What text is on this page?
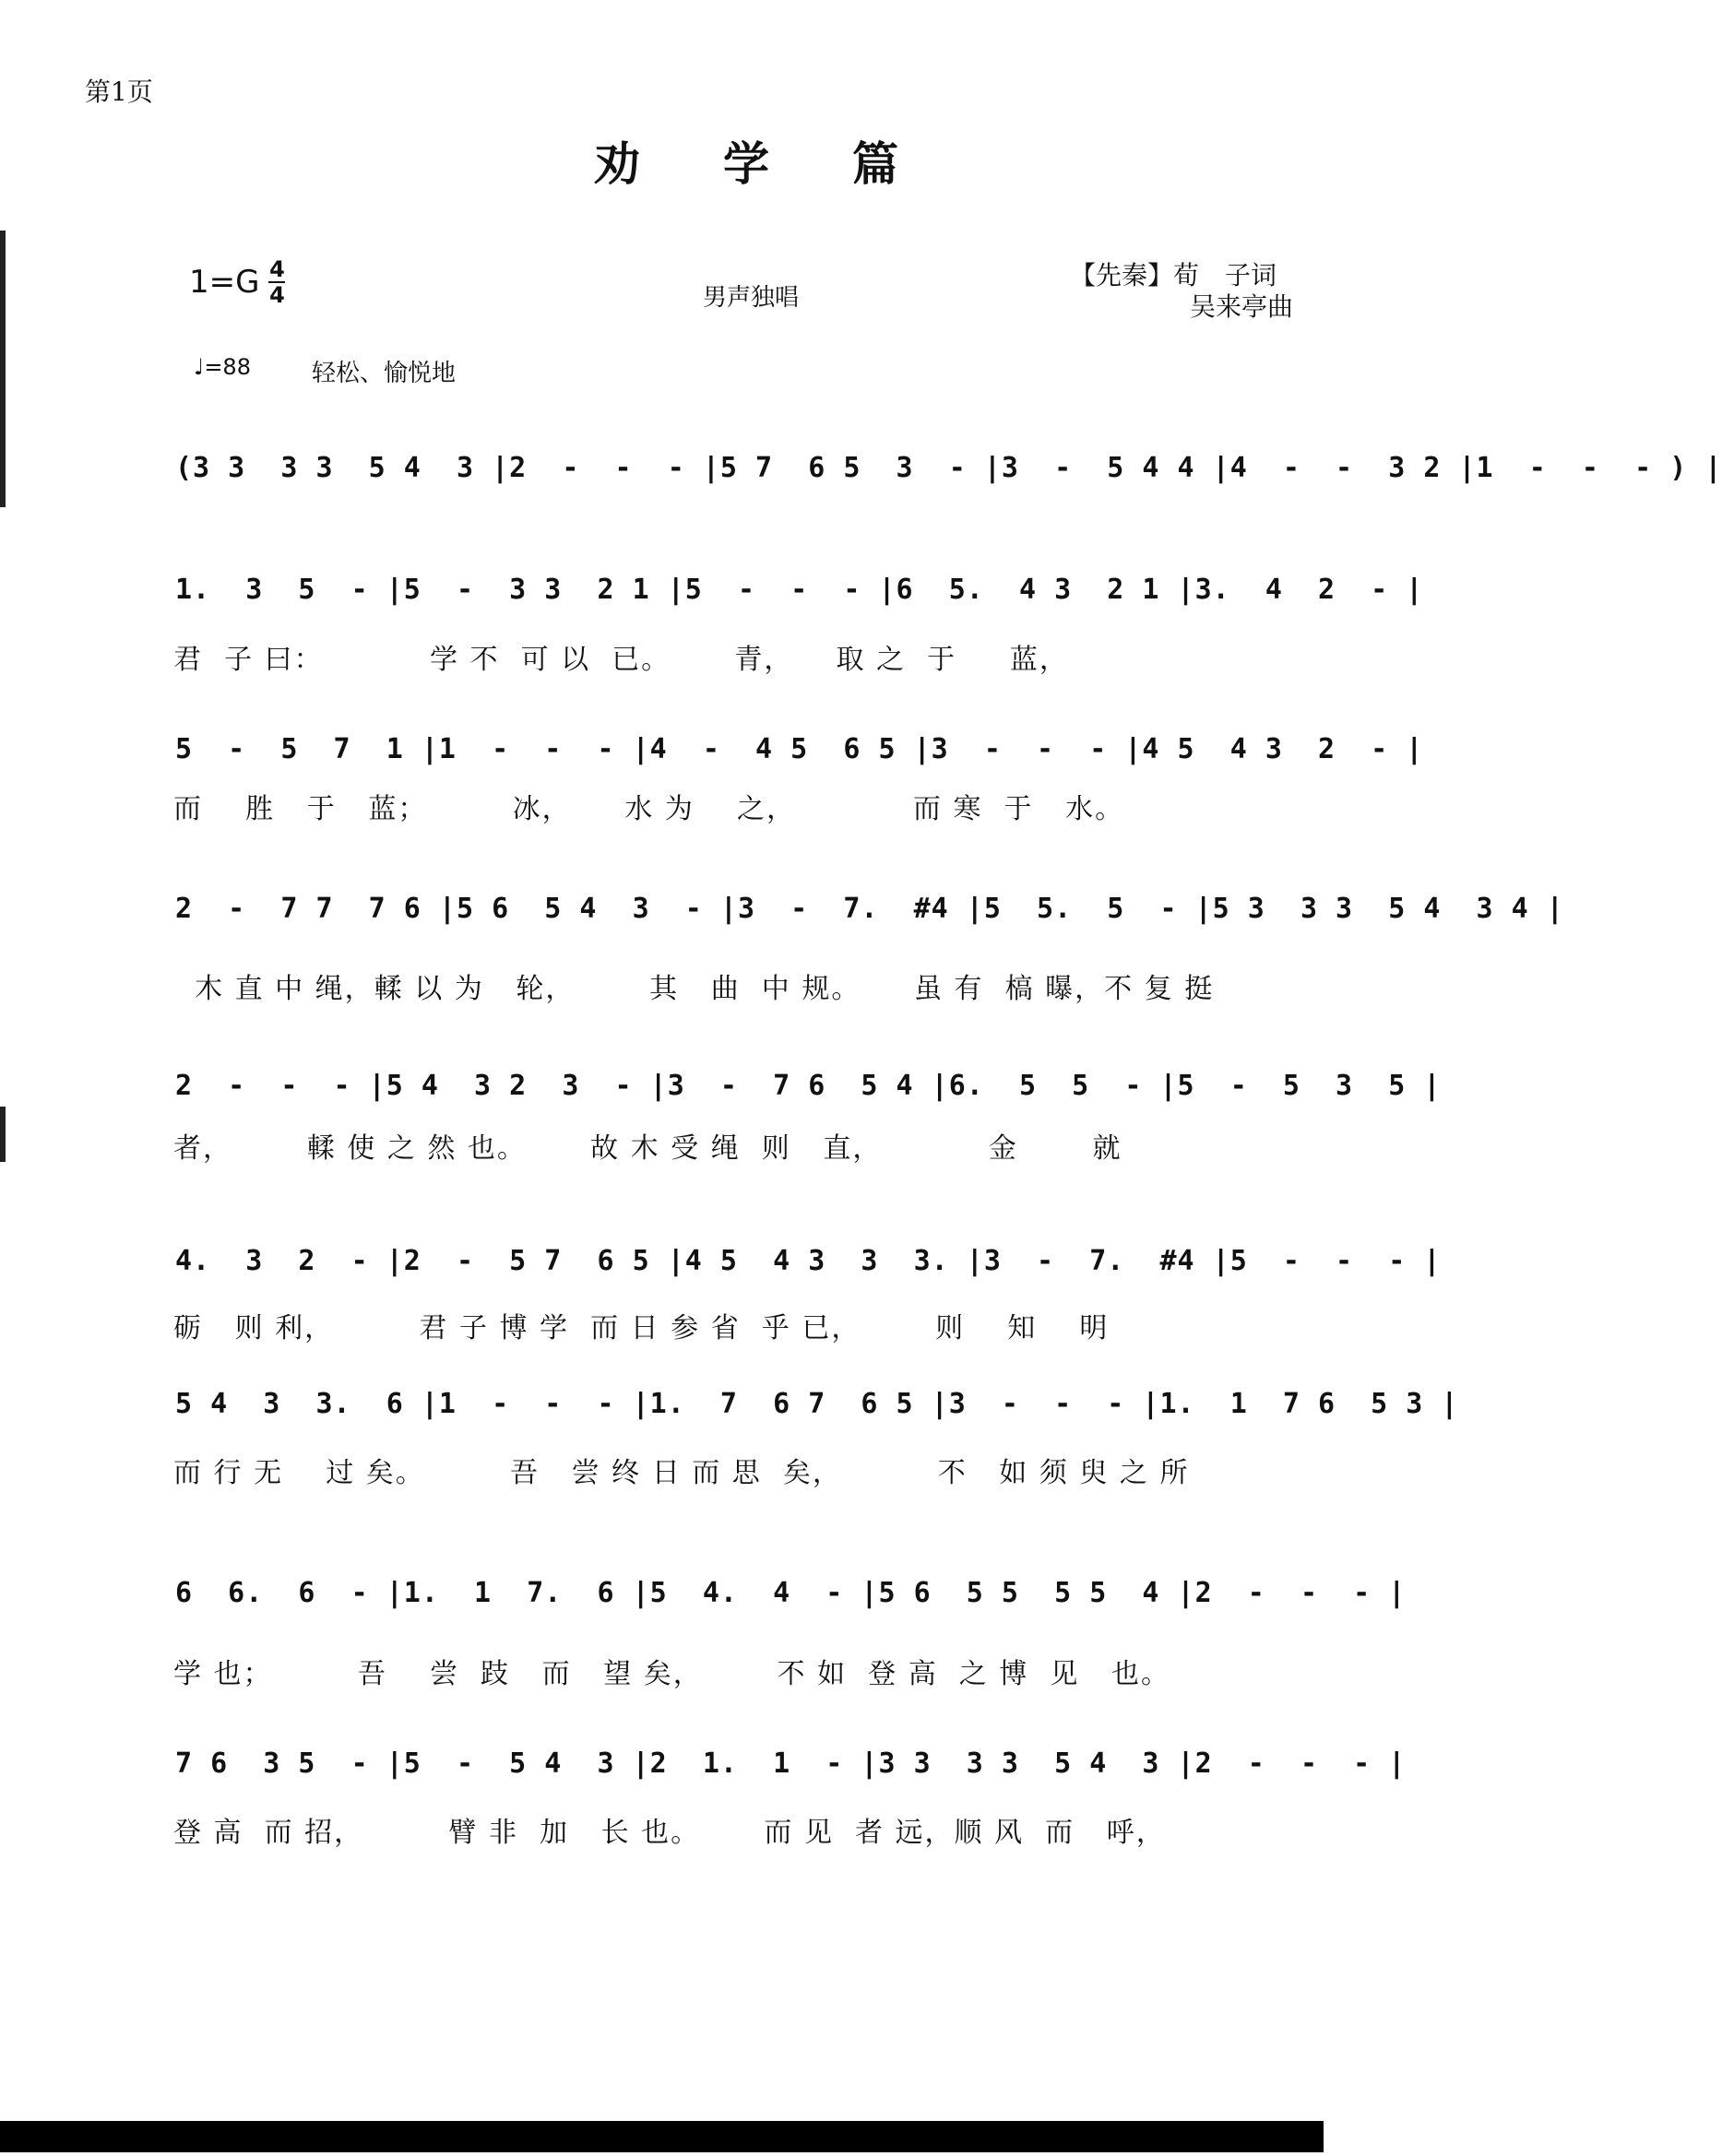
第1页
劝学篇
$1=G \frac{4}{4}$	男声独唱
【先秦】荀　子词
吴来亭曲
♩=88	轻松、愉悦地
(3 3  3 3  5 4  3 |2  -  -  - |5 7  6 5  3  - |3  -  5 4 4 |4  -  -  3 2 |1  -  -  - ) |
1.  3  5  - |5  -  3 3  2 1 |5  -  -  - |6  5.  4 3  2 1 |3.  4  2  - |
君  子 曰：          学 不  可 以  已。      青，    取 之  于     蓝，
5  -  5  7  1 |1  -  -  - |4  -  4 5  6 5 |3  -  -  - |4 5  4 3  2  - |
而    胜   于   蓝；        冰，     水 为    之，           而 寒  于   水。
2  -  7 7  7 6 |5 6  5 4  3  - |3  -  7.  #4 |5  5.  5  - |5 3  3 3  5 4  3 4 |
木 直 中 绳，輮 以 为   轮，       其   曲  中 规。     虽 有  槁 曝，不 复 挺
2  -  -  - |5 4  3 2  3  - |3  -  7 6  5 4 |6.  5  5  - |5  -  5  3  5 |
者，       輮 使 之 然 也。      故 木 受 绳  则   直，          金       就
4.  3  2  - |2  -  5 7  6 5 |4 5  4 3  3  3. |3  -  7.  #4 |5  -  -  - |
砺   则 利，        君 子 博 学  而 日 参 省  乎 已，       则    知    明
5 4  3  3.  6 |1  -  -  - |1.  7  6 7  6 5 |3  -  -  - |1.  1  7 6  5 3 |
而 行 无    过 矣。        吾   尝 终 日 而 思  矣，         不   如 须 臾 之 所
6  6.  6  - |1.  1  7.  6 |5  4.  4  - |5 6  5 5  5 5  4 |2  -  -  - |
学 也；        吾    尝  跂   而   望 矣，       不 如  登 高  之 博  见   也。
7 6  3 5  - |5  -  5 4  3 |2  1.  1  - |3 3  3 3  5 4  3 |2  -  -  - |
登 高  而 招，        臂 非  加   长 也。      而 见  者 远，顺 风  而   呼，
